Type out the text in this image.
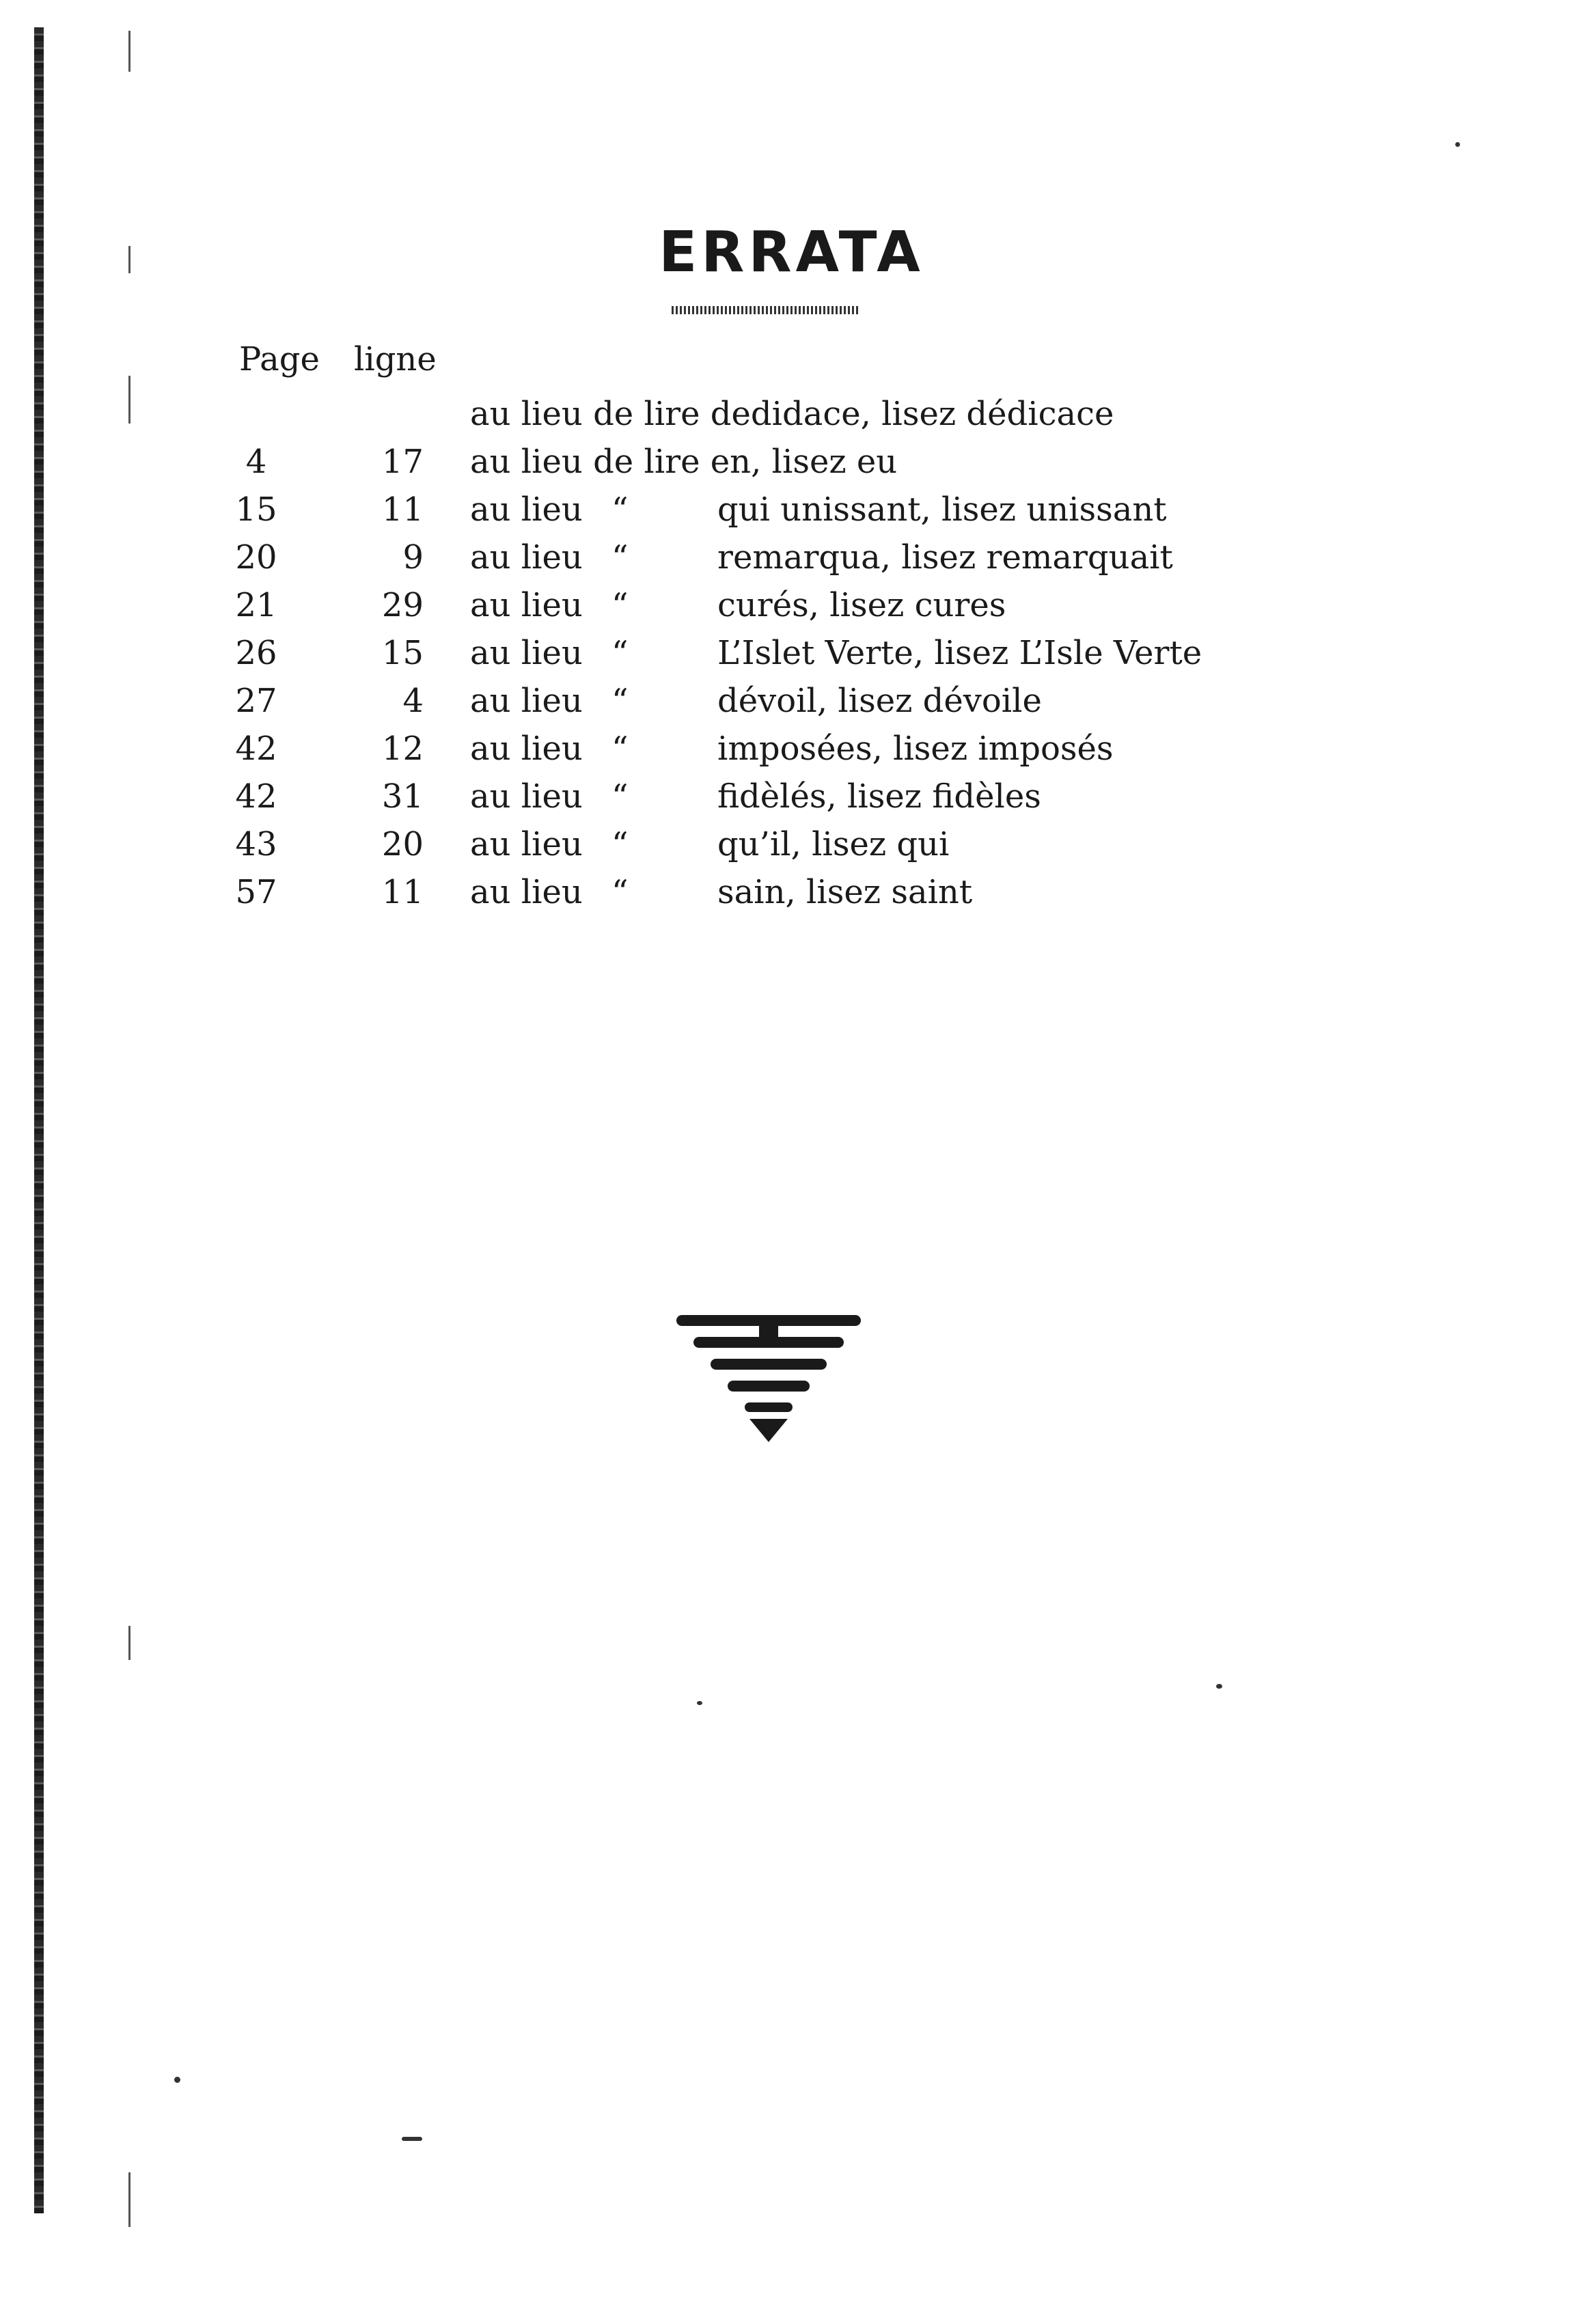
ERRATA
Page ligne
au lieu de lire dedidace, lisez dédicace
4	17 au lieu de lire en, lisez eu
15	11 au lieu “	qui unissant, lisez unissant
20	9 au lieu “	remarqua, lisez remarquait
21	29 au lieu “	curés, lisez cures
26	15 au lieu “	L’Islet Verte, lisez L’Isle Verte
27	4 au lieu “	dévoil, lisez dévoile
42	12 au lieu “	imposées, lisez imposés
42	31 au lieu “	fidèlés, lisez fidèles
43	20 au lieu “	qu’il, lisez qui
57	11 au lieu “	sain, lisez saint
